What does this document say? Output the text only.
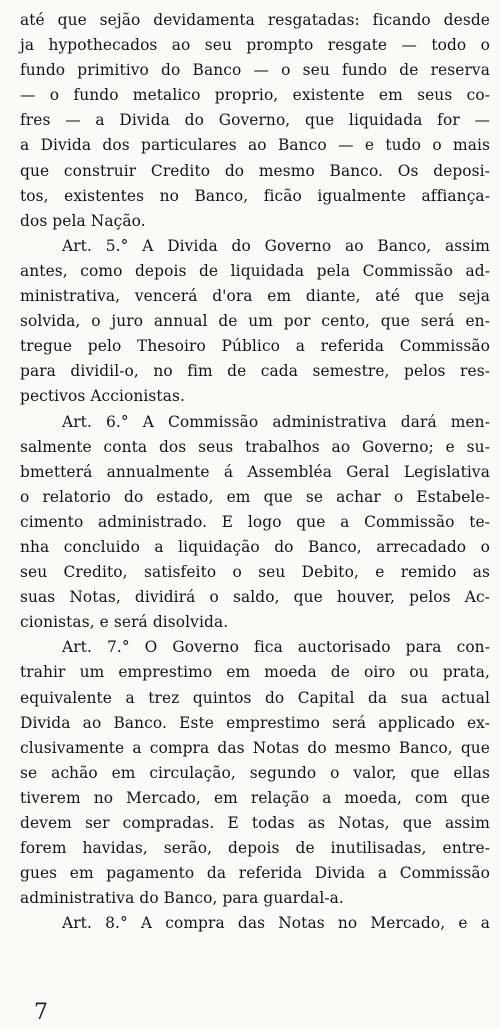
até que sejão devidamenta resgatadas: ficando desde
ja hypothecados ao seu prompto resgate — todo o
fundo primitivo do Banco — o seu fundo de reserva
— o fundo metalico proprio, existente em seus co-
fres — a Divida do Governo, que liquidada for —
a Divida dos particulares ao Banco — e tudo o mais
que construir Credito do mesmo Banco. Os deposi-
tos, existentes no Banco, ficão igualmente affiança-
dos pela Nação.
Art. 5.° A Divida do Governo ao Banco, assim
antes, como depois de liquidada pela Commissão ad-
ministrativa, vencerá d'ora em diante, até que seja
solvida, o juro annual de um por cento, que será en-
tregue pelo Thesoiro Público a referida Commissão
para dividil-o, no fim de cada semestre, pelos res-
pectivos Accionistas.
Art. 6.° A Commissão administrativa dará men-
salmente conta dos seus trabalhos ao Governo; e su-
bmetterá annualmente á Assembléa Geral Legislativa
o relatorio do estado, em que se achar o Estabele-
cimento administrado. E logo que a Commissão te-
nha concluido a liquidação do Banco, arrecadado o
seu Credito, satisfeito o seu Debito, e remido as
suas Notas, dividirá o saldo, que houver, pelos Ac-
cionistas, e será disolvida.
Art. 7.° O Governo fica auctorisado para con-
trahir um emprestimo em moeda de oiro ou prata,
equivalente a trez quintos do Capital da sua actual
Divida ao Banco. Este emprestimo será applicado ex-
clusivamente a compra das Notas do mesmo Banco, que
se achão em circulação, segundo o valor, que ellas
tiverem no Mercado, em relação a moeda, com que
devem ser compradas. E todas as Notas, que assim
forem havidas, serão, depois de inutilisadas, entre-
gues em pagamento da referida Divida a Commissão
administrativa do Banco, para guardal-a.
Art. 8.° A compra das Notas no Mercado, e a
7
